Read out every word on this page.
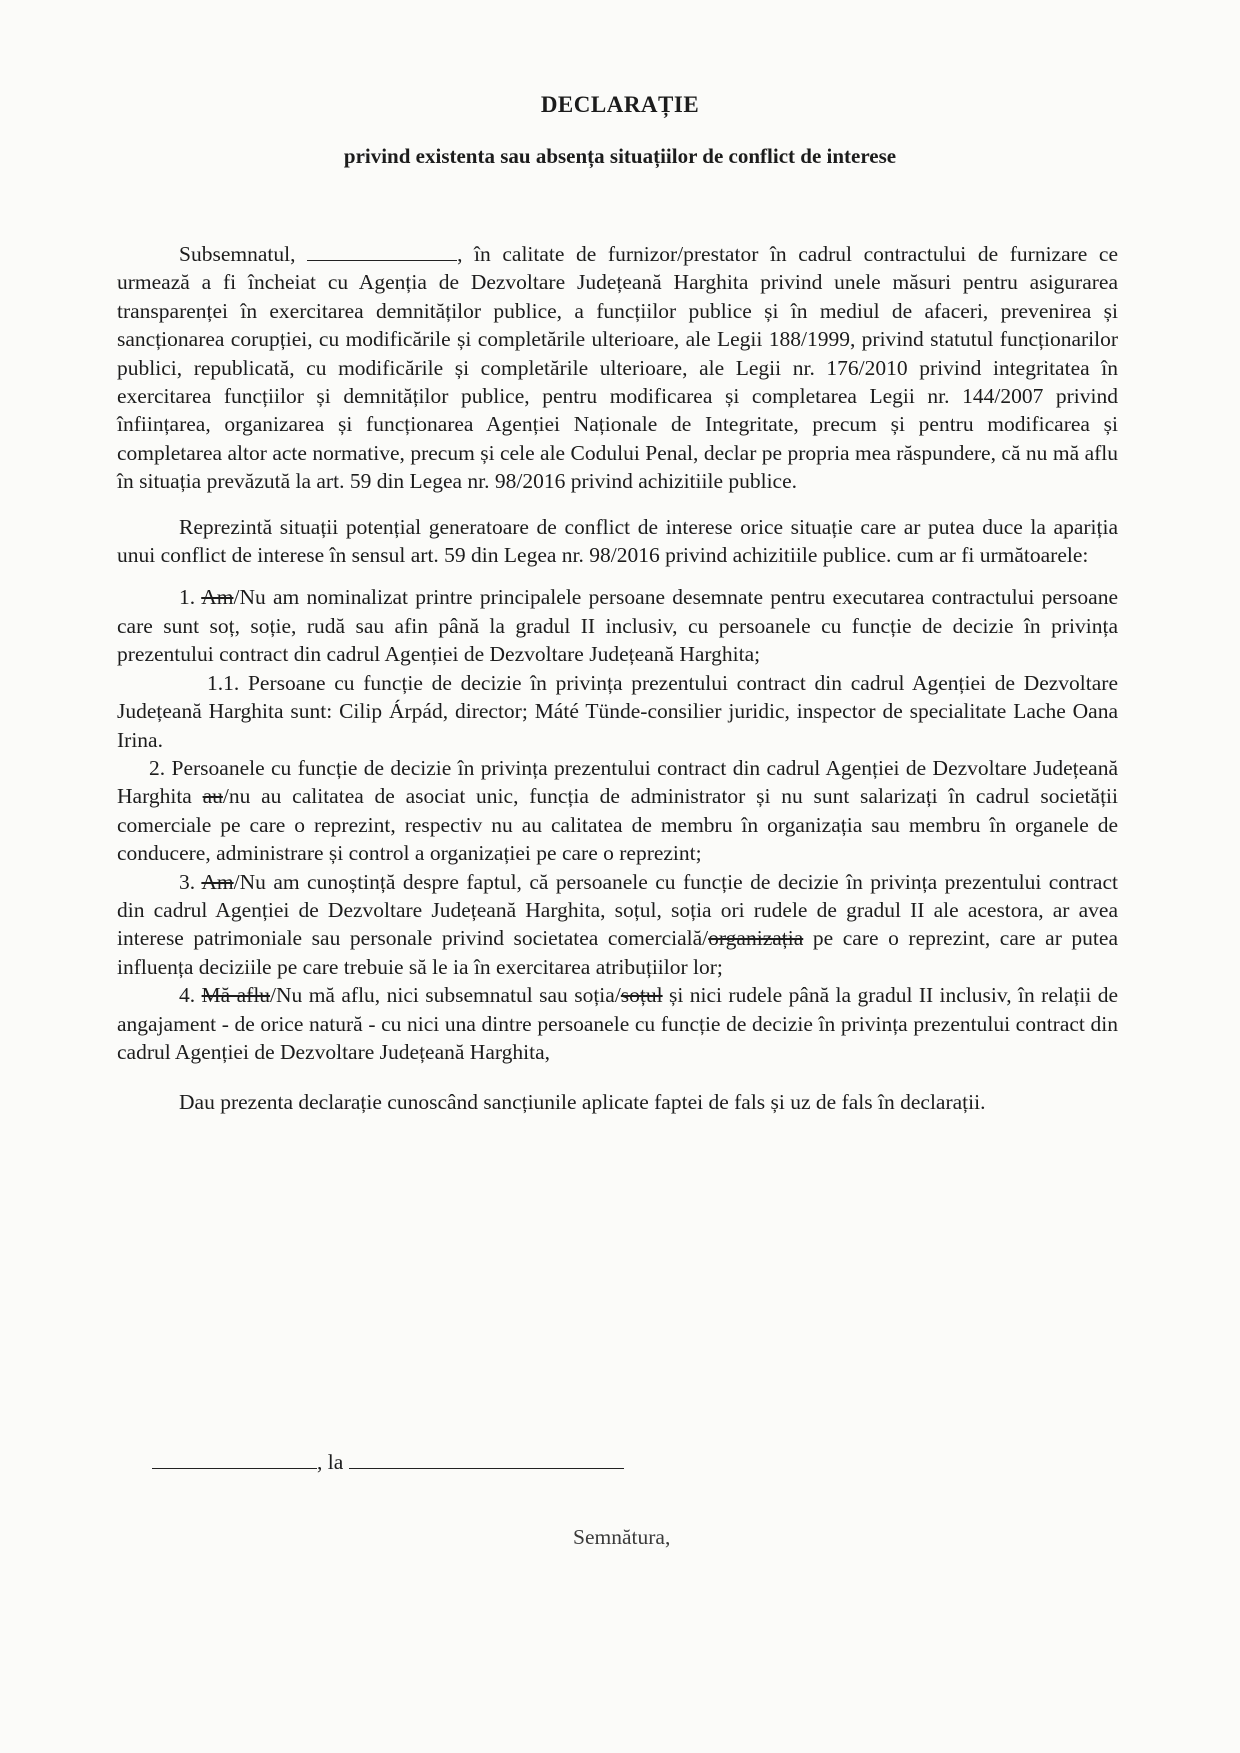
DECLARAȚIE
privind existenta sau absența situațiilor de conflict de interese

Subsemnatul,	, în calitate de furnizor/prestator în cadrul contractului de furnizare ce urmează a fi încheiat cu Agenția de Dezvoltare Județeană Harghita privind unele măsuri pentru asigurarea transparenței în exercitarea demnităților publice, a funcțiilor publice și în mediul de afaceri, prevenirea și sancționarea corupției, cu modificările și completările ulterioare, ale Legii 188/1999, privind statutul funcționarilor publici, republicată, cu modificările și completările ulterioare, ale Legii nr. 176/2010 privind integritatea în exercitarea funcțiilor și demnităților publice, pentru modificarea și completarea Legii nr. 144/2007 privind înființarea, organizarea și funcționarea Agenției Naționale de Integritate, precum și pentru modificarea și completarea altor acte normative, precum și cele ale Codului Penal, declar pe propria mea răspundere, că nu mă aflu în situația prevăzută la art. 59 din Legea nr. 98/2016 privind achizitiile publice.

Reprezintă situații potențial generatoare de conflict de interese orice situație care ar putea duce la apariția unui conflict de interese în sensul art. 59 din Legea nr. 98/2016 privind achizitiile publice. cum ar fi următoarele:

1. Am/Nu am nominalizat printre principalele persoane desemnate pentru executarea contractului persoane care sunt soț, soție, rudă sau afin până la gradul II inclusiv, cu persoanele cu funcție de decizie în privința prezentului contract din cadrul Agenției de Dezvoltare Județeană Harghita;

1.1. Persoane cu funcție de decizie în privința prezentului contract din cadrul Agenției de Dezvoltare Județeană Harghita sunt: Cilip Árpád, director; Máté Tünde-consilier juridic, inspector de specialitate Lache Oana Irina.

2. Persoanele cu funcție de decizie în privința prezentului contract din cadrul Agenției de Dezvoltare Județeană Harghita au/nu au calitatea de asociat unic, funcția de administrator și nu sunt salarizați în cadrul societății comerciale pe care o reprezint, respectiv nu au calitatea de membru în organizația sau membru în organele de conducere, administrare și control a organizației pe care o reprezint;

3. Am/Nu am cunoștință despre faptul, că persoanele cu funcție de decizie în privința prezentului contract din cadrul Agenției de Dezvoltare Județeană Harghita, soțul, soția ori rudele de gradul II ale acestora, ar avea interese patrimoniale sau personale privind societatea comercială/organizația pe care o reprezint, care ar putea influența deciziile pe care trebuie să le ia în exercitarea atribuțiilor lor;

4. Mă aflu/Nu mă aflu, nici subsemnatul sau soția/soțul și nici rudele până la gradul II inclusiv, în relații de angajament - de orice natură - cu nici una dintre persoanele cu funcție de decizie în privința prezentului contract din cadrul Agenției de Dezvoltare Județeană Harghita,

Dau prezenta declarație cunoscând sancțiunile aplicate faptei de fals și uz de fals în declarații.

, la
Semnătura,
